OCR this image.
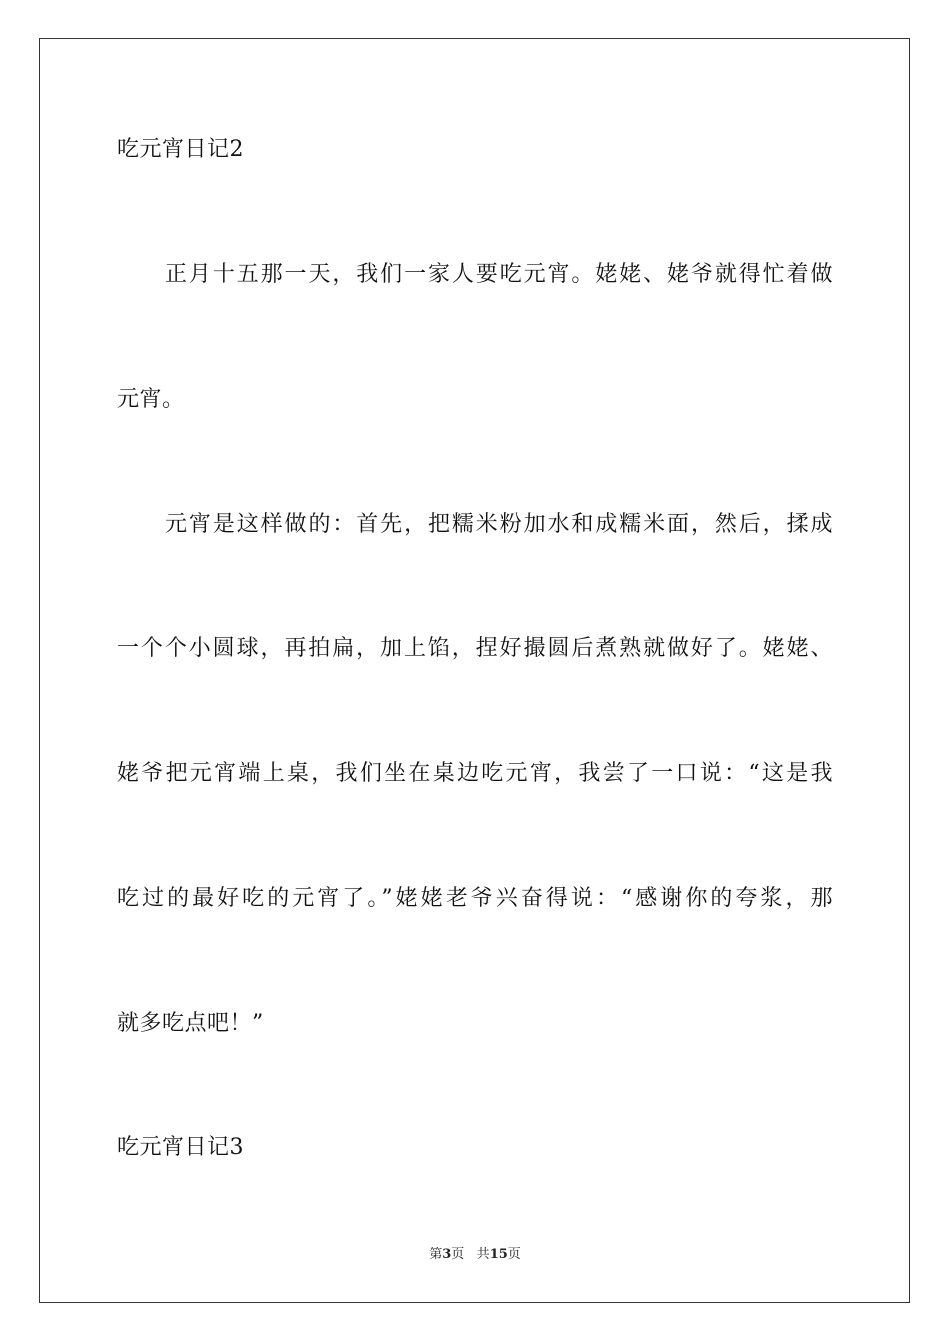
吃元宵日记2
正月十五那一天，我们一家人要吃元宵。姥姥、姥爷就得忙着做
元宵。
元宵是这样做的：首先，把糯米粉加水和成糯米面，然后，揉成
一个个小圆球，再拍扁，加上馅，捏好撮圆后煮熟就做好了。姥姥、
姥爷把元宵端上桌，我们坐在桌边吃元宵，我尝了一口说：“这是我
吃过的最好吃的元宵了。”姥姥老爷兴奋得说：“感谢你的夸浆，那
就多吃点吧！”
吃元宵日记3
第3页 共15页
